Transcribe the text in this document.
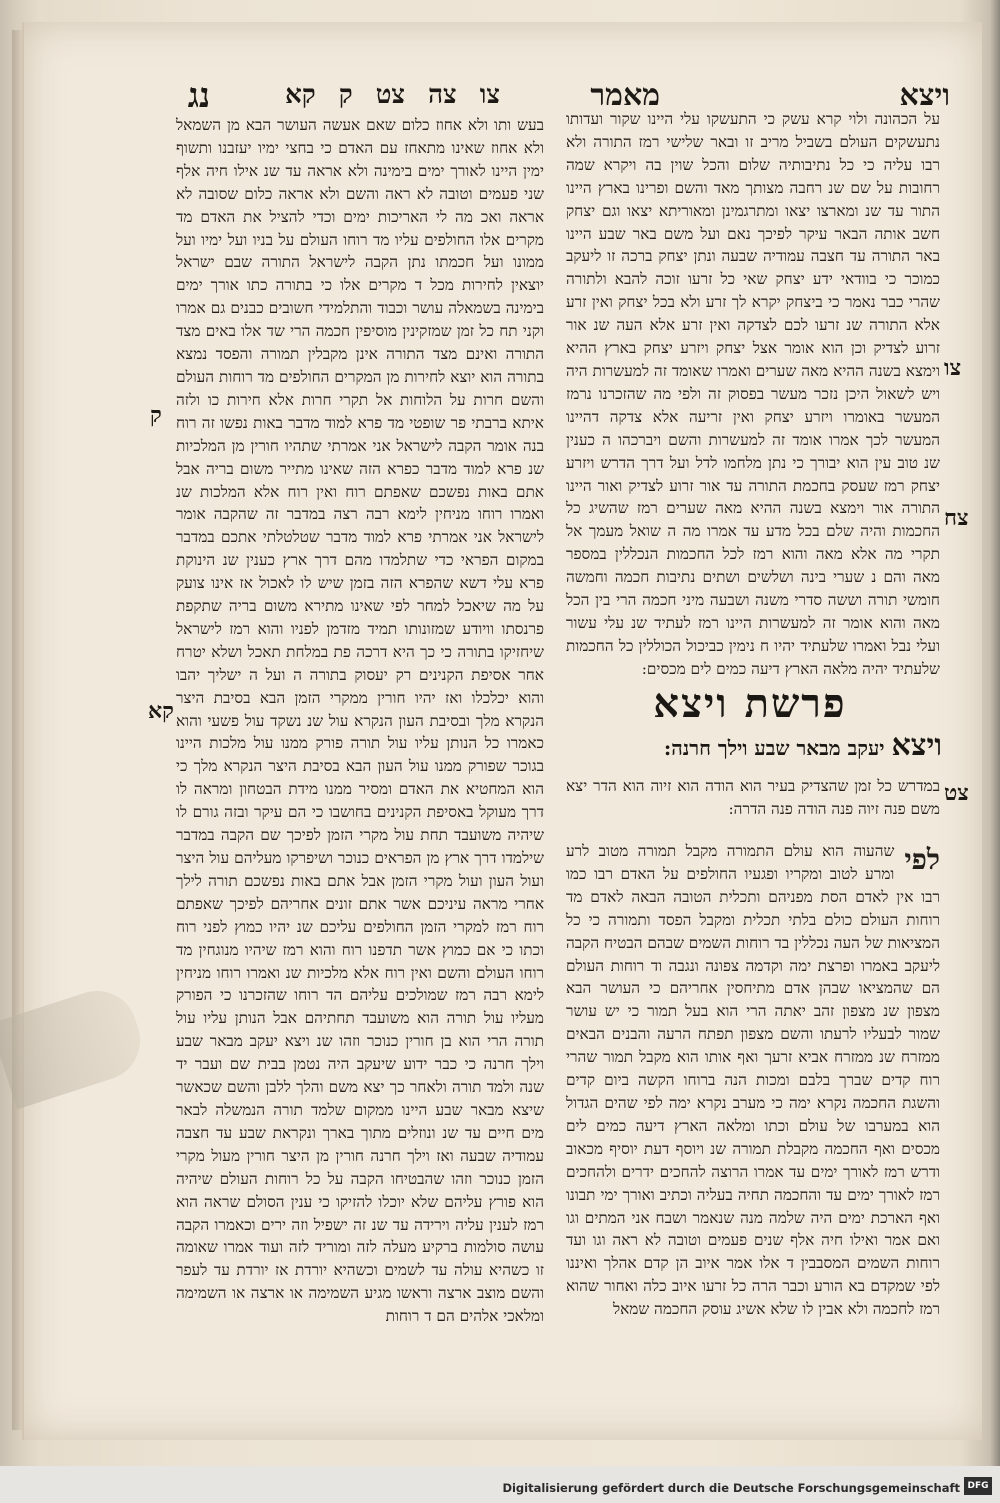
ויצא
מאמר
צו צה צט ק קא
נג

על הכהונה ולוי קרא עשק כי התעשקו עלי היינו שקור ועדותו נתעשקים העולם בשביל מריב זו ובאר שלישי רמז התורה ולא רבו עליה כי כל נתיבותיה שלום והכל שוין בה ויקרא שמה רחובות על שם שנ רחבה מצותך מאד והשם ופרינו בארץ היינו התור עד שנ ומארצו יצאו ומתרגמינן ומאוריתא יצאו וגם יצחק חשב אותה הבאר עיקר לפיכך נאם ועל משם באר שבע היינו באר התורה עד חצבה עמודיה שבעה ונתן יצחק ברכה זו ליעקב כמוכר כי בוודאי ידע יצחק שאי כל זרעו זוכה להבא ולתורה שהרי כבר נאמר כי ביצחק יקרא לך זרע ולא בכל יצחק ואין זרע אלא התורה שנ זרעו לכם לצדקה ואין זרע אלא העה שנ אור זרוע לצדיק וכן הוא אומר אצל יצחק ויזרע יצחק בארץ ההיא וימצא בשנה ההיא מאה שערים ואמרו שאומד זה למעשרות היה ויש לשאול היכן נזכר מעשר בפסוק זה ולפי מה שהזכרנו נרמז המעשר באומרו ויזרע יצחק ואין זריעה אלא צדקה דהיינו המעשר לכך אמרו אומד זה למעשרות והשם ויברכהו ה כענין שנ טוב עין הוא יבורך כי נתן מלחמו לדל ועל דרך הדרש ויזרע יצחק רמז שעסק בחכמת התורה עד אור זרוע לצדיק ואור היינו התורה אור וימצא בשנה ההיא מאה שערים רמז שהשיג כל החכמות והיה שלם בכל מדע עד אמרו מה ה שואל מעמך אל תקרי מה אלא מאה והוא רמז לכל החכמות הנכללין במספר מאה והם נ שערי בינה ושלשים ושתים נתיבות חכמה וחמשה חומשי תורה וששה סדרי משנה ושבעה מיני חכמה הרי בין הכל מאה והוא אומר זה למעשרות היינו רמז לעתיד שנ עלי עשור ועלי נבל ואמרו שלעתיד יהיו ח נימין כביכול הכוללין כל החכמות שלעתיד יהיה מלאה הארץ דיעה כמים לים מכסים:

צו
צח
ק
קא	פרשת ויצא
ויצא יעקב מבאר שבע וילך חרנה:
צט

במדרש כל זמן שהצדיק בעיר הוא הודה הוא זיוה הוא הדר יצא משם פנה זיוה פנה הודה פנה הדרה:

לפי

שהעוה הוא עולם התמורה מקבל תמורה מטוב לרע ומרע לטוב ומקריו ופגעיו החולפים על האדם רבו כמו רבו אין לאדם הסת מפניהם ותכלית הטובה הבאה לאדם מד רוחות העולם כולם בלתי תכלית ומקבל הפסד ותמורה כי כל המציאות של העה נכללין בד רוחות השמים שבהם הבטיח הקבה ליעקב באמרו ופרצת ימה וקדמה צפונה ונגבה וד רוחות העולם הם שהמציאו שבהן אדם מתיחסין אחריהם כי העושר הבא מצפון שנ מצפון זהב יאתה הרי הוא בעל תמור כי יש עושר שמור לבעליו לרעתו והשם מצפון תפתח הרעה והבנים הבאים ממזרח שנ ממזרח אביא זרעך ואף אותו הוא מקבל תמור שהרי רוח קדים שברך בלבם ומכות הנה ברוחו הקשה ביום קדים והשגת החכמה נקרא ימה כי מערב נקרא ימה לפי שהים הגדול הוא במערבו של עולם וכתו ומלאה הארץ דיעה כמים לים מכסים ואף החכמה מקבלת תמורה שנ ויוסף דעת יוסיף מכאוב ודרש רמז לאורך ימים עד אמרו הרוצה להחכים ידרים ולהחכים רמז לאורך ימים עד והחכמה תחיה בעליה וכתיב ואורך ימי תבונו ואף הארכת ימים היה שלמה מנה שנאמר ושבח אני המתים וגו ואם אמר ואילו חיה אלף שנים פעמים וטובה לא ראה וגו ועד רוחות השמים המסבבין ד אלו אמר איוב הן קדם אהלך ואיננו לפי שמקדם בא הורע וכבר הרה כל זרעו איוב כלה ואחור שהוא רמז לחכמה ולא אבין לו שלא אשיג עוסק החכמה שמאל

בעש ותו ולא אחוז כלום שאם אעשה העושר הבא מן השמאל ולא אחוז שאינו מתאחז עם האדם כי בחצי ימיו יעזבנו ותשוף ימין היינו לאורך ימים בימינה ולא אראה עד שנ אילו חיה אלף שני פעמים וטובה לא ראה והשם ולא אראה כלום שסובה לא אראה ואכ מה לי האריכות ימים וכדי להציל את האדם מד מקרים אלו החולפים עליו מד רוחו העולם על בניו ועל ימיו ועל ממונו ועל חכמתו נתן הקבה לישראל התורה שבם ישראל יוצאין לחירות מכל ד מקרים אלו כי בתורה כתו אורך ימים בימינה בשמאלה עושר וכבוד והתלמידי חשובים כבנים גם אמרו וקני תח כל זמן שמזקינין מוסיפין חכמה הרי שד אלו באים מצד התורה ואינם מצד התורה אינן מקבלין תמורה והפסד נמצא בתורה הוא יוצא לחירות מן המקרים החולפים מד רוחות העולם והשם חרות על הלוחות אל תקרי חרות אלא חירות כו ולזה איתא ברבתי פר שופטי מד פרא למוד מדבר באות נפשו זה רוח בנה אומר הקבה לישראל אני אמרתי שתהיו חורין מן המלכיות שנ פרא למוד מדבר כפרא הזה שאינו מתייר משום בריה אבל אתם באות נפשכם שאפתם רוח ואין רוח אלא המלכות שנ ואמרו רוחו מניחין לימא רבה רצה במדבר זה שהקבה אומר לישראל אני אמרתי פרא למוד מדבר שטלטלתי אתכם במדבר במקום הפראי כדי שתלמדו מהם דרך ארץ כענין שנ הינוקת פרא עלי דשא שהפרא הזה בזמן שיש לו לאכול אז אינו צועק על מה שיאכל למחר לפי שאינו מתירא משום בריה שתקפת פרנסתו וויודע שמזונותו תמיד מזדמן לפניו והוא רמז לישראל שיחזיקו בתורה כי כך היא דרכה פת במלחת תאכל ושלא יטרח אחר אסיפת הקנינים רק יעסוק בתורה ה ועל ה ישליך יהבו והוא יכלכלו ואז יהיו חורין ממקרי הזמן הבא בסיבת היצר הנקרא מלך ובסיבת העון הנקרא עול שנ נשקד עול פשעי והוא כאמרו כל הנותן עליו עול תורה פורק ממנו עול מלכות היינו בגוכר שפורק ממנו עול העון הבא בסיבת היצר הנקרא מלך כי הוא המחטיא את האדם ומסיר ממנו מידת הבטחון ומראה לו דרך מעוקל באסיפת הקנינים בחושבו כי הם עיקר ובזה גורם לו שיהיה משועבד תחת עול מקרי הזמן לפיכך שם הקבה במדבר שילמדו דרך ארץ מן הפראים כנוכר ושיפרקו מעליהם עול היצר ועול העון ועול מקרי הזמן אבל אתם באות נפשכם תורה לילך אחרי מראה עיניכם אשר אתם זונים אחריהם לפיכך שאפתם רוח רמז למקרי הזמן החולפים עליכם שנ יהיו כמוץ לפני רוח וכתו כי אם כמוץ אשר תדפנו רוח והוא רמז שיהיו מנוגחין מד רוחו העולם והשם ואין רוח אלא מלכיות שנ ואמרו רוחו מניחין לימא רבה רמז שמולכים עליהם הד רוחו שהזכרנו כי הפורק מעליו עול תורה הוא משועבד תחתיהם אבל הנותן עליו עול תורה הרי הוא בן חורין כנוכר וזהו שנ ויצא יעקב מבאר שבע וילך חרנה כי כבר ידוע שיעקב היה נטמן בבית שם ועבר יד שנה ולמד תורה ולאחר כך יצא משם והלך ללבן והשם שכאשר שיצא מבאר שבע היינו ממקום שלמד תורה הנמשלה לבאר מים חיים עד שנ ונוזלים מתוך בארך ונקראת שבע עד חצבה עמודיה שבעה ואז וילך חרנה חורין מן היצר חורין מעול מקרי הזמן כנוכר וזהו שהבטיחו הקבה על כל רוחות העולם שיהיה הוא פורץ עליהם שלא יוכלו להזיקו כי ענין הסולם שראה הוא רמז לענין עליה וירידה עד שנ זה ישפיל וזה ירים וכאמרו הקבה עושה סולמות ברקיע מעלה לזה ומוריד לזה ועוד אמרו שאומה זו כשהיא עולה עד לשמים וכשהיא יורדת אז יורדת עד לעפר והשם מוצב ארצה וראשו מגיע השמימה או ארצה או השמימה ומלאכי אלהים הם ד רוחות

Digitalisierung gefördert durch die Deutsche Forschungsgemeinschaft DFG
